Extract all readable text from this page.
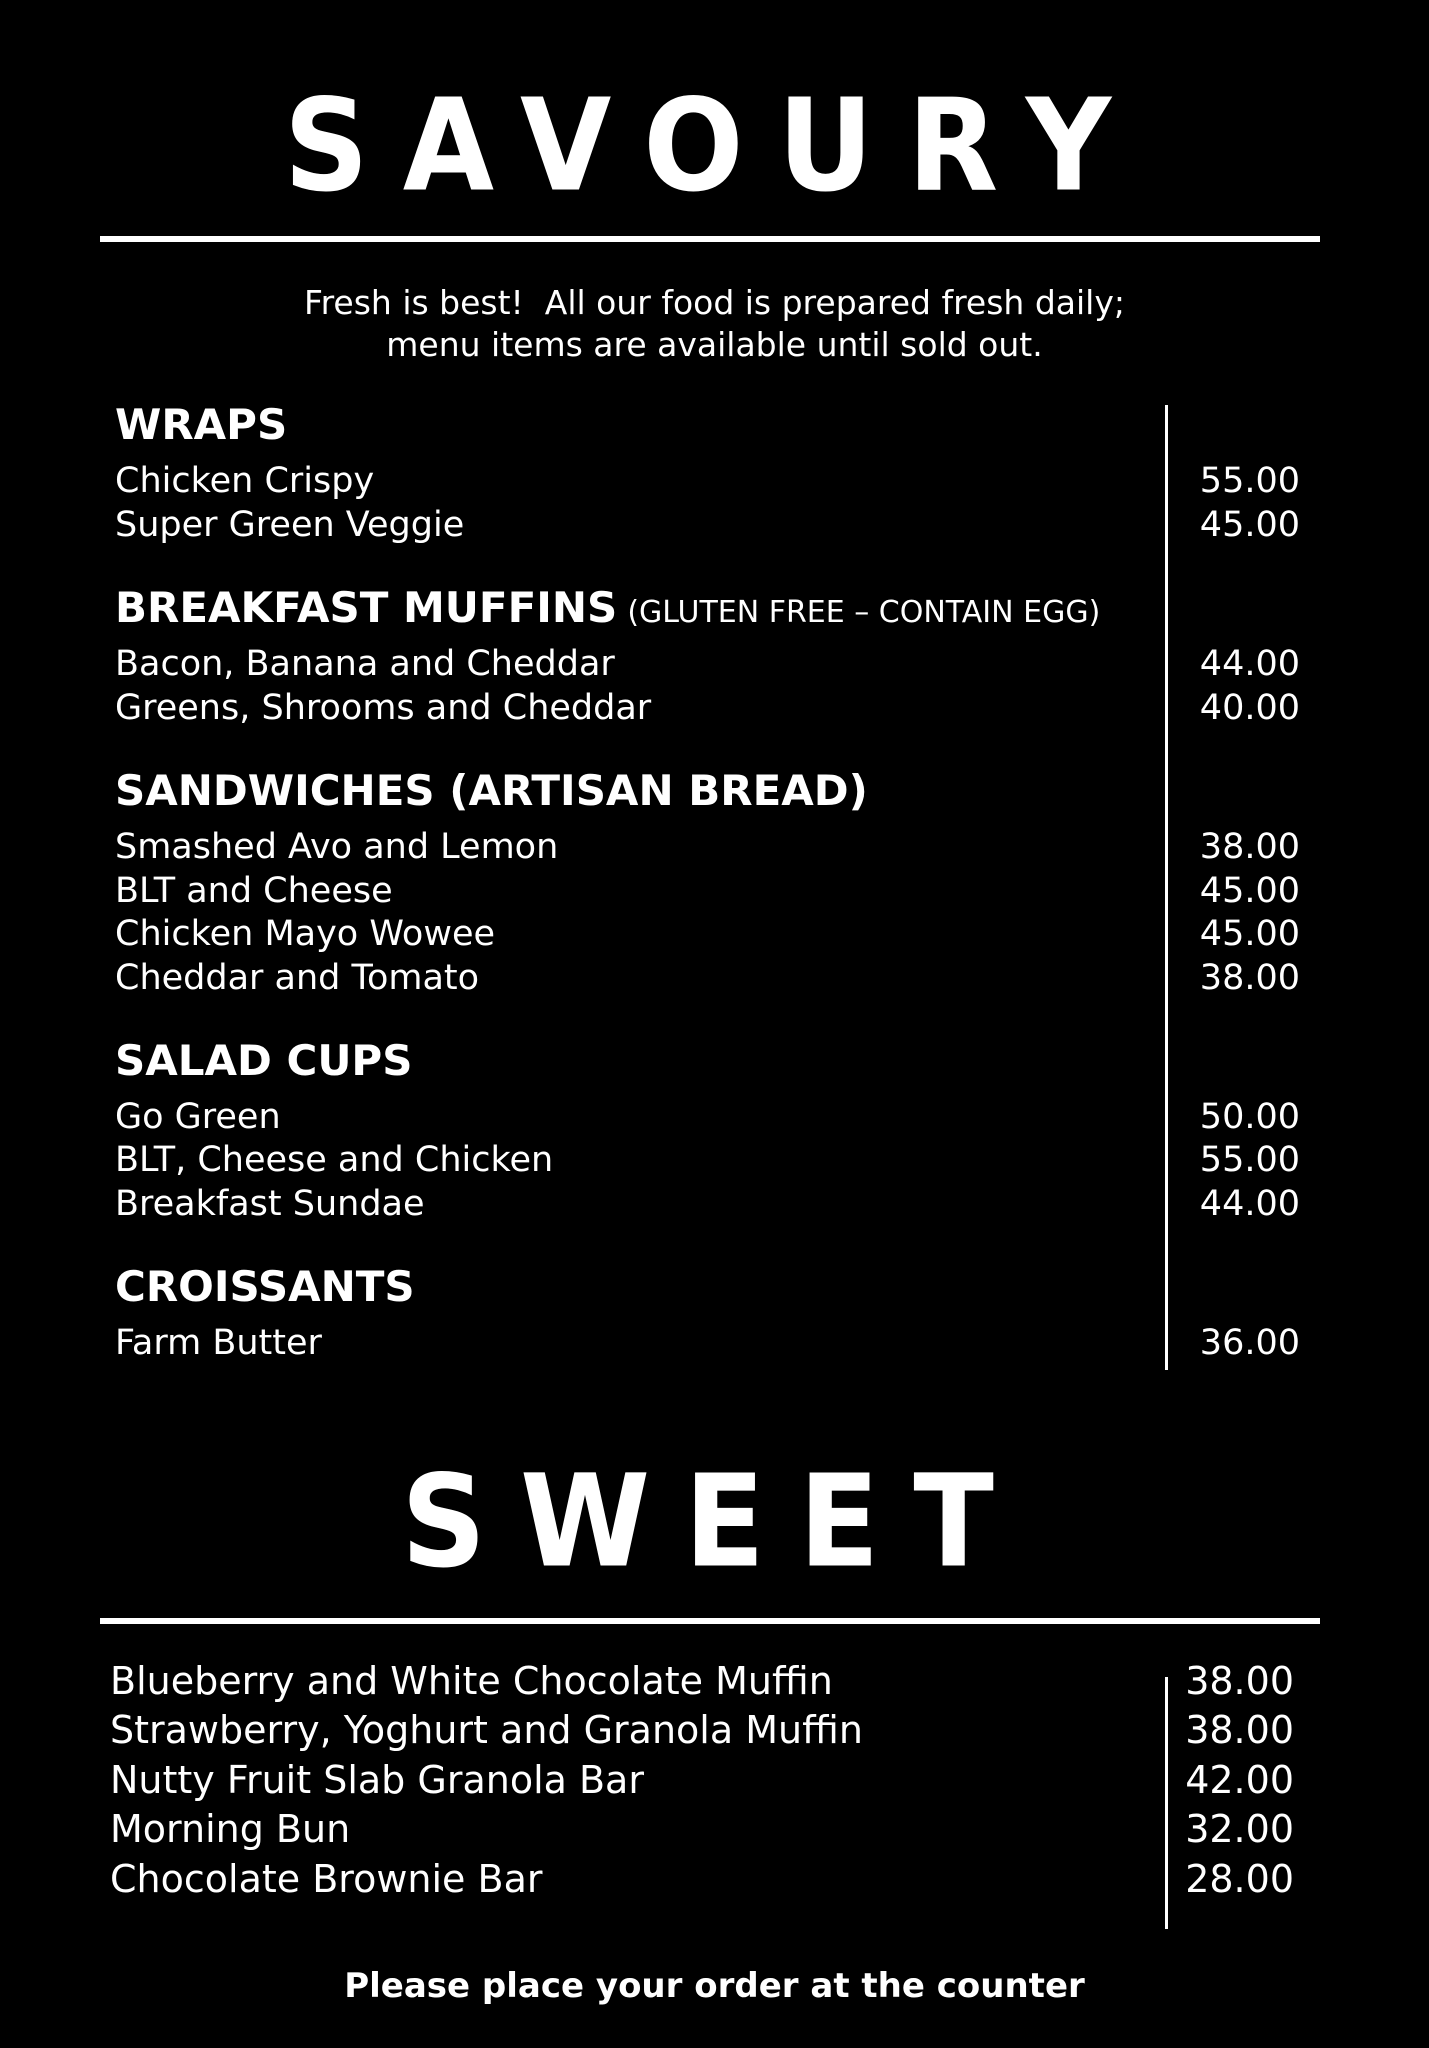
SAVOURY
Fresh is best!  All our food is prepared fresh daily;
menu items are available until sold out.
WRAPS
Chicken Crispy	55.00
Super Green Veggie	45.00
BREAKFAST MUFFINS (GLUTEN FREE – CONTAIN EGG)
Bacon, Banana and Cheddar	44.00
Greens, Shrooms and Cheddar	40.00
SANDWICHES (ARTISAN BREAD)
Smashed Avo and Lemon	38.00
BLT and Cheese	45.00
Chicken Mayo Wowee	45.00
Cheddar and Tomato	38.00
SALAD CUPS
Go Green	50.00
BLT, Cheese and Chicken	55.00
Breakfast Sundae	44.00
CROISSANTS
Farm Butter	36.00
SWEET
Blueberry and White Chocolate Muffin	38.00
Strawberry, Yoghurt and Granola Muffin	38.00
Nutty Fruit Slab Granola Bar	42.00
Morning Bun	32.00
Chocolate Brownie Bar	28.00
Please place your order at the counter
